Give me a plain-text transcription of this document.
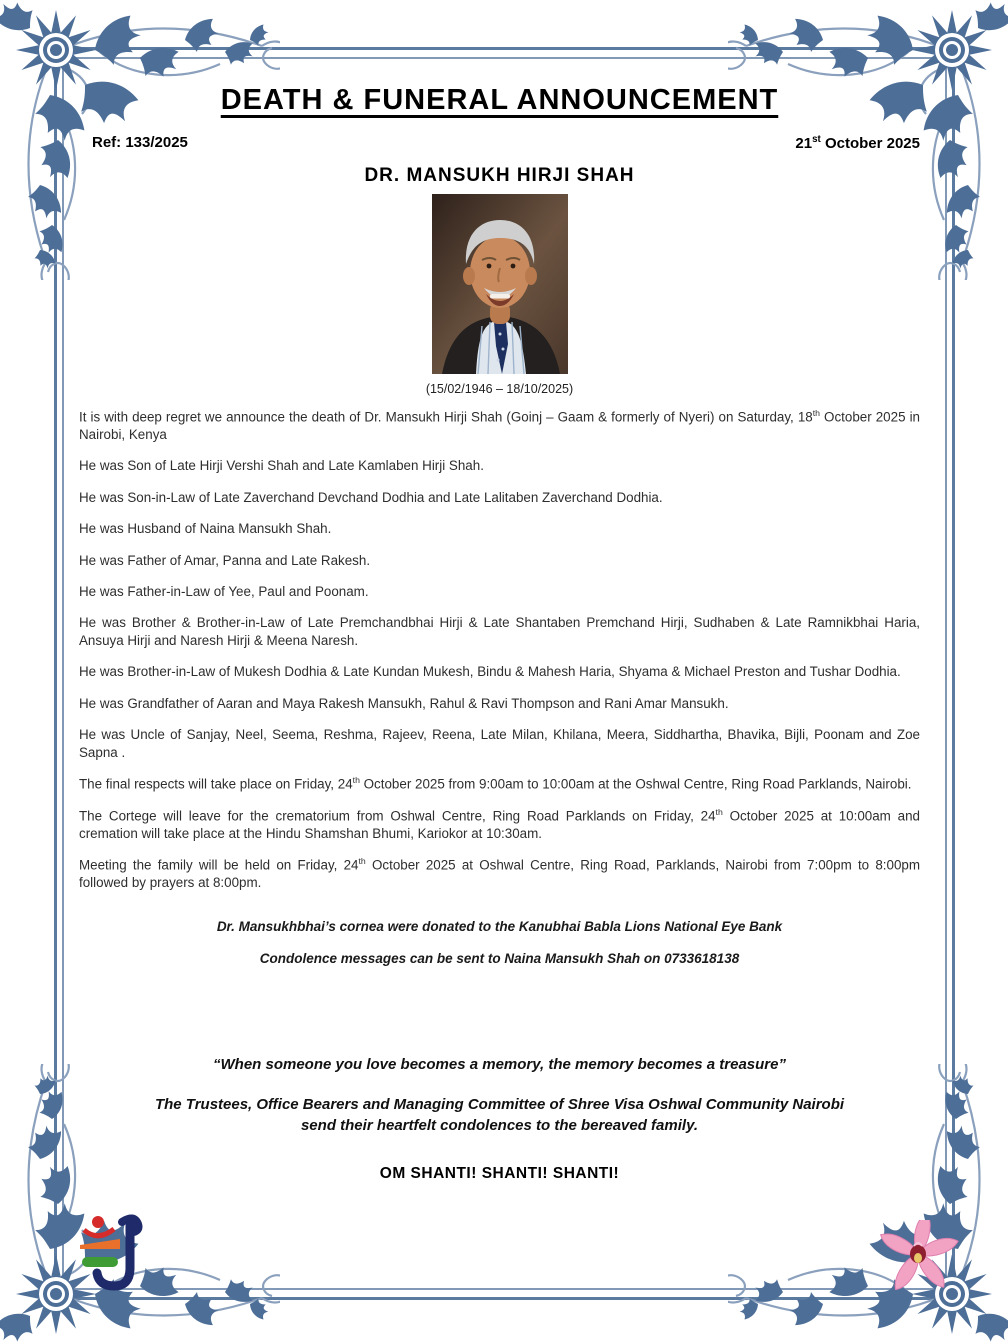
DEATH & FUNERAL ANNOUNCEMENT
Ref: 133/2025	21st October 2025
DR. MANSUKH HIRJI SHAH
(15/02/1946 – 18/10/2025)

It is with deep regret we announce the death of Dr. Mansukh Hirji Shah (Goinj – Gaam & formerly of Nyeri) on Saturday, 18th October 2025 in Nairobi, Kenya

He was Son of Late Hirji Vershi Shah and Late Kamlaben Hirji Shah.

He was Son-in-Law of Late Zaverchand Devchand Dodhia and Late Lalitaben Zaverchand Dodhia.

He was Husband of Naina Mansukh Shah.

He was Father of Amar, Panna and Late Rakesh.

He was Father-in-Law of Yee, Paul and Poonam.

He was Brother & Brother-in-Law of Late Premchandbhai Hirji & Late Shantaben Premchand Hirji, Sudhaben & Late Ramnikbhai Haria, Ansuya Hirji and Naresh Hirji & Meena Naresh.

He was Brother-in-Law of Mukesh Dodhia & Late Kundan Mukesh, Bindu & Mahesh Haria, Shyama & Michael Preston and Tushar Dodhia.

He was Grandfather of Aaran and Maya Rakesh Mansukh, Rahul & Ravi Thompson and Rani Amar Mansukh.

He was Uncle of Sanjay, Neel, Seema, Reshma, Rajeev, Reena, Late Milan, Khilana, Meera, Siddhartha, Bhavika, Bijli, Poonam and Zoe Sapna .

The final respects will take place on Friday, 24th October 2025 from 9:00am to 10:00am at the Oshwal Centre, Ring Road Parklands, Nairobi.

The Cortege will leave for the crematorium from Oshwal Centre, Ring Road Parklands on Friday, 24th October 2025 at 10:00am and cremation will take place at the Hindu Shamshan Bhumi, Kariokor at 10:30am.

Meeting the family will be held on Friday, 24th October 2025 at Oshwal Centre, Ring Road, Parklands, Nairobi from 7:00pm to 8:00pm followed by prayers at 8:00pm.

Dr. Mansukhbhai’s cornea were donated to the Kanubhai Babla Lions National Eye Bank

Condolence messages can be sent to Naina Mansukh Shah on 0733618138

“When someone you love becomes a memory, the memory becomes a treasure”
The Trustees, Office Bearers and Managing Committee of Shree Visa Oshwal Community Nairobi
send their heartfelt condolences to the bereaved family.
OM SHANTI! SHANTI! SHANTI!
